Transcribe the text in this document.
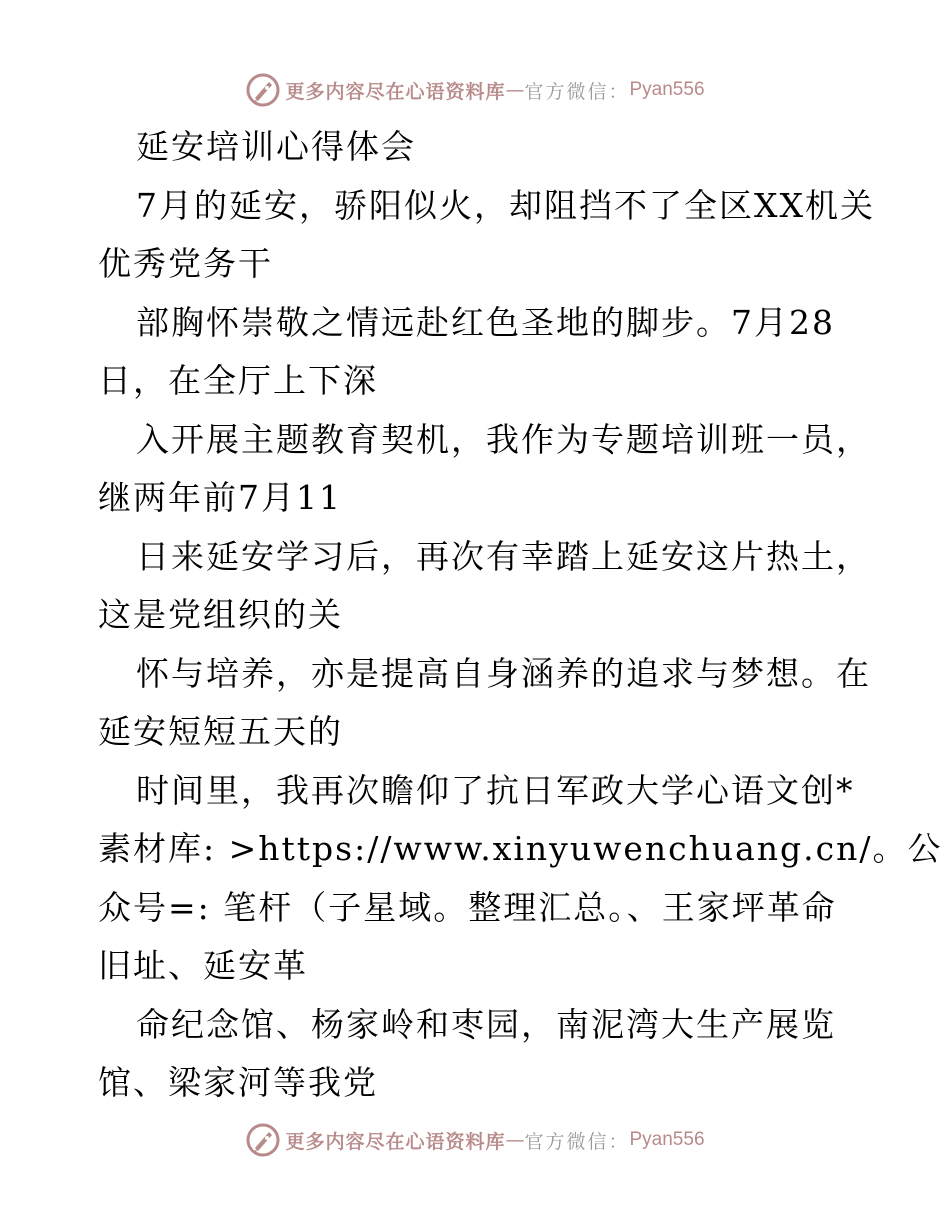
更多内容尽在心语资料库 — 官方微信： Pyan556
延安培训心得体会
7月的延安，骄阳似火，却阻挡不了全区XX机关
优秀党务干
部胸怀崇敬之情远赴红色圣地的脚步。7月28
日，在全厅上下深
入开展主题教育契机，我作为专题培训班一员，
继两年前7月11
日来延安学习后，再次有幸踏上延安这片热土，
这是党组织的关
怀与培养，亦是提高自身涵养的追求与梦想。在
延安短短五天的
时间里，我再次瞻仰了抗日军政大学心语文创*
素材库: >https://www.xinyuwenchuang.cn/。公
众号=: 笔杆（子星域。整理汇总。、王家坪革命
旧址、延安革
命纪念馆、杨家岭和枣园，南泥湾大生产展览
馆、梁家河等我党
更多内容尽在心语资料库 — 官方微信： Pyan556
